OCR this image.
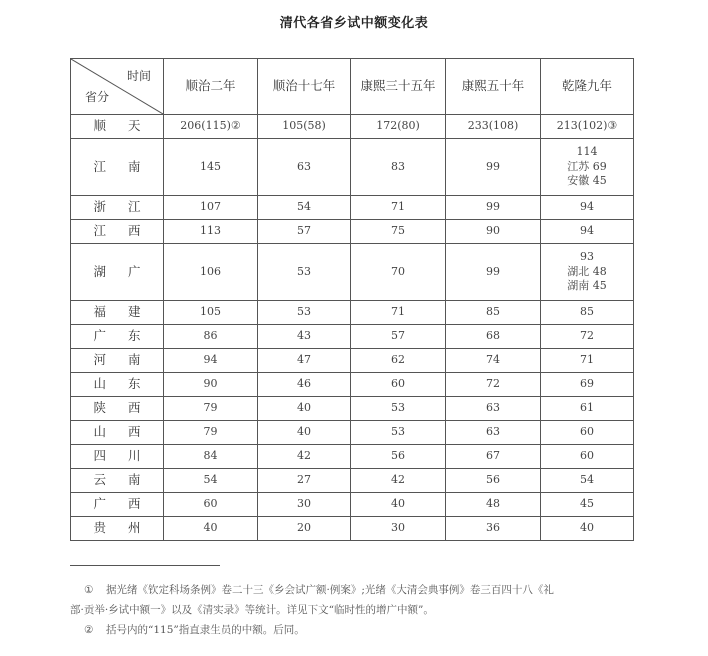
清代各省乡试中额变化表
时间
省分	顺治二年	顺治十七年	康熙三十五年	康熙五十年	乾隆九年
顺 天	206(115)②	105(58)	172(80)	233(108)	213(102)③
江 南	145	63	83	99	114
江苏 69
安徽 45

浙 江	107	54	71	99	94
江 西	113	57	75	90	94
湖 广	106	53	70	99	93
湖北 48
湖南 45

福 建	105	53	71	85	85
广 东	86	43	57	68	72
河 南	94	47	62	74	71
山 东	90	46	60	72	69
陕 西	79	40	53	63	61
山 西	79	40	53	63	60
四 川	84	42	56	67	60
云 南	54	27	42	56	54
广 西	60	30	40	48	45
贵 州	40	20	30	36	40
① 据光绪《钦定科场条例》卷二十三《乡会试广额·例案》;光绪《大清会典事例》卷三百四十八《礼
部·贡举·乡试中额一》以及《清实录》等统计。详见下文“临时性的增广中额”。
② 括号内的“115”指直隶生员的中额。后同。
